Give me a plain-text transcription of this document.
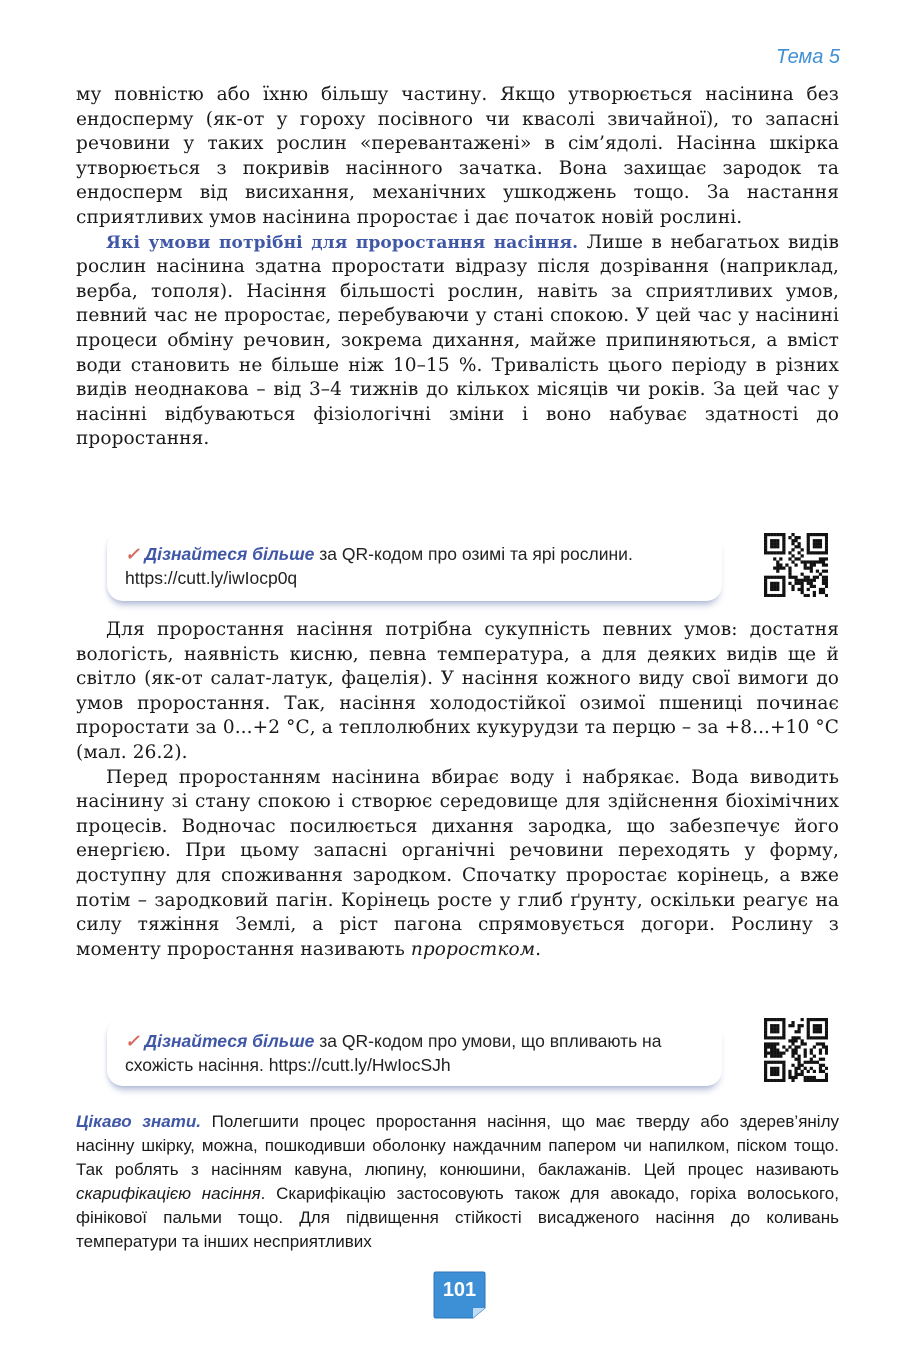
Тема 5

му повністю або їхню більшу частину. Якщо утворюється насінина без ендосперму (як-от у гороху посівного чи квасолі звичайної), то запасні речовини у таких рослин «перевантажені» в сім’ядолі. Насінна шкірка утворюється з покривів насінного зачатка. Вона захищає зародок та ендосперм від висихання, механічних ушкоджень тощо. За настання сприятливих умов насінина проростає і дає початок новій рослині.

Які умови потрібні для проростання насіння. Лише в небагатьох видів рослин насінина здатна проростати відразу після дозрівання (наприклад, верба, тополя). Насіння більшості рослин, навіть за сприятливих умов, певний час не проростає, перебуваючи у стані спокою. У цей час у насінині процеси обміну речовин, зокрема дихання, майже припиняються, а вміст води становить не більше ніж 10–15 %. Тривалість цього періоду в різних видів неоднакова – від 3–4 тижнів до кількох місяців чи років. За цей час у насінні відбуваються фізіологічні зміни і воно набуває здатності до проростання.

✓ Дізнайтеся більше за QR-кодом про озимі та ярі рослини.
https://cutt.ly/iwIocp0q

Для проростання насіння потрібна сукупність певних умов: достатня вологість, наявність кисню, певна температура, а для деяких видів ще й світло (як-от салат-латук, фацелія). У насіння кожного виду свої вимоги до умов проростання. Так, насіння холодостійкої озимої пшениці починає проростати за 0...+2 °С, а теплолюбних кукурудзи та перцю – за +8...+10 °С (мал. 26.2).

Перед проростанням насінина вбирає воду і набрякає. Вода виводить насінину зі стану спокою і створює середовище для здійснення біохімічних процесів. Водночас посилюється дихання зародка, що забезпечує його енергією. При цьому запасні органічні речовини переходять у форму, доступну для споживання зародком. Спочатку проростає корінець, а вже потім – зародковий пагін. Корінець росте у глиб ґрунту, оскільки реагує на силу тяжіння Землі, а ріст пагона спрямовується догори. Рослину з моменту проростання називають проростком.

✓ Дізнайтеся більше за QR-кодом про умови, що впливають на схожість насіння. https://cutt.ly/HwIocSJh
Цікаво знати. Полегшити процес проростання насіння, що має тверду або здерев’янілу насінну шкірку, можна, пошкодивши оболонку наждачним папером чи напилком, піском тощо. Так роблять з насінням кавуна, люпину, конюшини, баклажанів. Цей процес називають скарифікацією насіння. Скарифікацію застосовують також для авокадо, горіха волоського, фінікової пальми тощо. Для підвищення стійкості висадженого насіння до коливань температури та інших несприятливих
101
